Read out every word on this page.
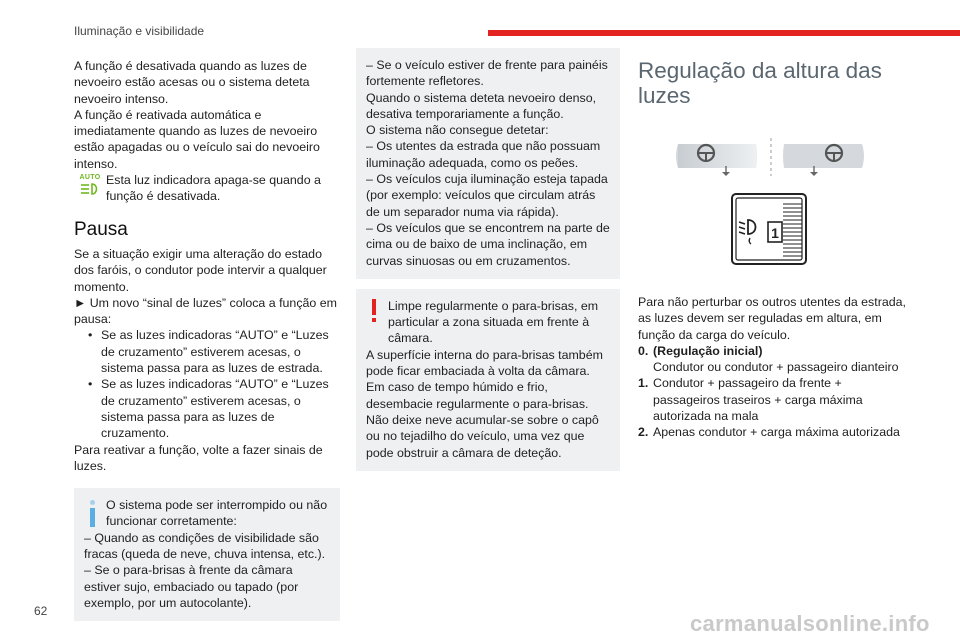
Iluminação e visibilidade

A função é desativada quando as luzes de nevoeiro estão acesas ou o sistema deteta nevoeiro intenso.

A função é reativada automática e imediatamente quando as luzes de nevoeiro estão apagadas ou o veículo sai do nevoeiro intenso.

AUTO Esta luz indicadora apaga-se quando a função é desativada.

Pausa

Se a situação exigir uma alteração do estado dos faróis, o condutor pode intervir a qualquer momento.

► Um novo “sinal de luzes” coloca a função em pausa:

• Se as luzes indicadoras “AUTO” e “Luzes de cruzamento” estiverem acesas, o sistema passa para as luzes de estrada.
• Se as luzes indicadoras “AUTO” e “Luzes de cruzamento” estiverem acesas, o sistema passa para as luzes de cruzamento.

Para reativar a função, volte a fazer sinais de luzes.

O sistema pode ser interrompido ou não funcionar corretamente:

– Quando as condições de visibilidade são fracas (queda de neve, chuva intensa, etc.).

– Se o para-brisas à frente da câmara estiver sujo, embaciado ou tapado (por exemplo, por um autocolante).

– Se o veículo estiver de frente para painéis fortemente refletores.

Quando o sistema deteta nevoeiro denso, desativa temporariamente a função.

O sistema não consegue detetar:

– Os utentes da estrada que não possuam iluminação adequada, como os peões.

– Os veículos cuja iluminação esteja tapada (por exemplo: veículos que circulam atrás de um separador numa via rápida).

– Os veículos que se encontrem na parte de cima ou de baixo de uma inclinação, em curvas sinuosas ou em cruzamentos.

Limpe regularmente o para-brisas, em particular a zona situada em frente à câmara.

A superfície interna do para-brisas também pode ficar embaciada à volta da câmara. Em caso de tempo húmido e frio, desembacie regularmente o para-brisas.

Não deixe neve acumular-se sobre o capô ou no tejadilho do veículo, uma vez que pode obstruir a câmara de deteção.

Regulação da altura das luzes
1

Para não perturbar os outros utentes da estrada, as luzes devem ser reguladas em altura, em função da carga do veículo.

0. (Regulação inicial)
Condutor ou condutor + passageiro dianteiro
1. Condutor + passageiro da frente + passageiros traseiros + carga máxima autorizada na mala
2. Apenas condutor + carga máxima autorizada
62	carmanualsonline.info
